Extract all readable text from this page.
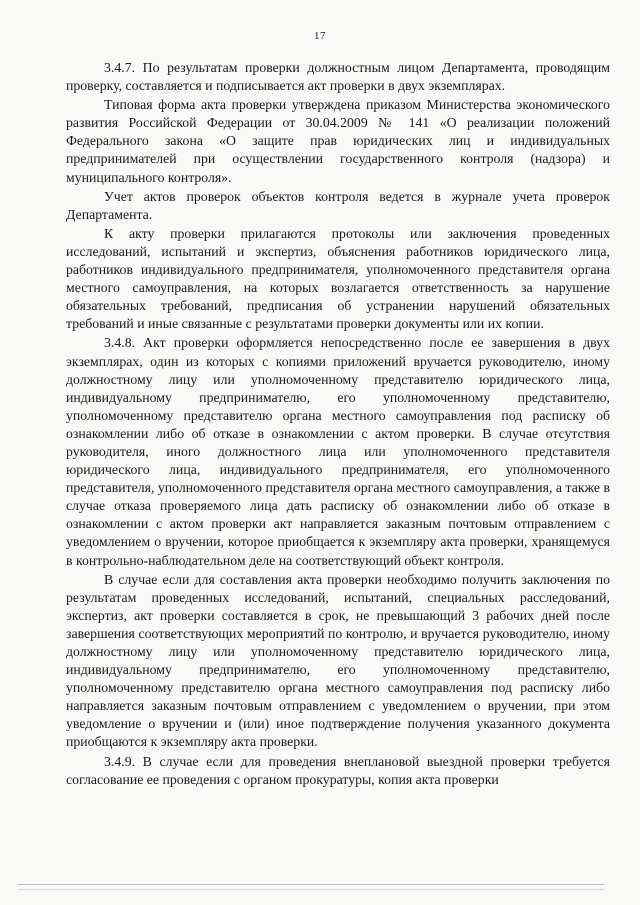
17

3.4.7. По результатам проверки должностным лицом Департамента, проводящим проверку, составляется и подписывается акт проверки в двух экземплярах.

Типовая форма акта проверки утверждена приказом Министерства экономического развития Российской Федерации от 30.04.2009 № 141 «О реализации положений Федерального закона «О защите прав юридических лиц и индивидуальных предпринимателей при осуществлении государственного контроля (надзора) и муниципального контроля».

Учет актов проверок объектов контроля ведется в журнале учета проверок Департамента.

К акту проверки прилагаются протоколы или заключения проведенных исследований, испытаний и экспертиз, объяснения работников юридического лица, работников индивидуального предпринимателя, уполномоченного представителя органа местного самоуправления, на которых возлагается ответственность за нарушение обязательных требований, предписания об устранении нарушений обязательных требований и иные связанные с результатами проверки документы или их копии.

3.4.8. Акт проверки оформляется непосредственно после ее завершения в двух экземплярах, один из которых с копиями приложений вручается руководителю, иному должностному лицу или уполномоченному представителю юридического лица, индивидуальному предпринимателю, его уполномоченному представителю, уполномоченному представителю органа местного самоуправления под расписку об ознакомлении либо об отказе в ознакомлении с актом проверки. В случае отсутствия руководителя, иного должностного лица или уполномоченного представителя юридического лица, индивидуального предпринимателя, его уполномоченного представителя, уполномоченного представителя органа местного самоуправления, а также в случае отказа проверяемого лица дать расписку об ознакомлении либо об отказе в ознакомлении с актом проверки акт направляется заказным почтовым отправлением с уведомлением о вручении, которое приобщается к экземпляру акта проверки, хранящемуся в контрольно-наблюдательном деле на соответствующий объект контроля.

В случае если для составления акта проверки необходимо получить заключения по результатам проведенных исследований, испытаний, специальных расследований, экспертиз, акт проверки составляется в срок, не превышающий 3 рабочих дней после завершения соответствующих мероприятий по контролю, и вручается руководителю, иному должностному лицу или уполномоченному представителю юридического лица, индивидуальному предпринимателю, его уполномоченному представителю, уполномоченному представителю органа местного самоуправления под расписку либо направляется заказным почтовым отправлением с уведомлением о вручении, при этом уведомление о вручении и (или) иное подтверждение получения указанного документа приобщаются к экземпляру акта проверки.

3.4.9. В случае если для проведения внеплановой выездной проверки требуется согласование ее проведения с органом прокуратуры, копия акта проверки
